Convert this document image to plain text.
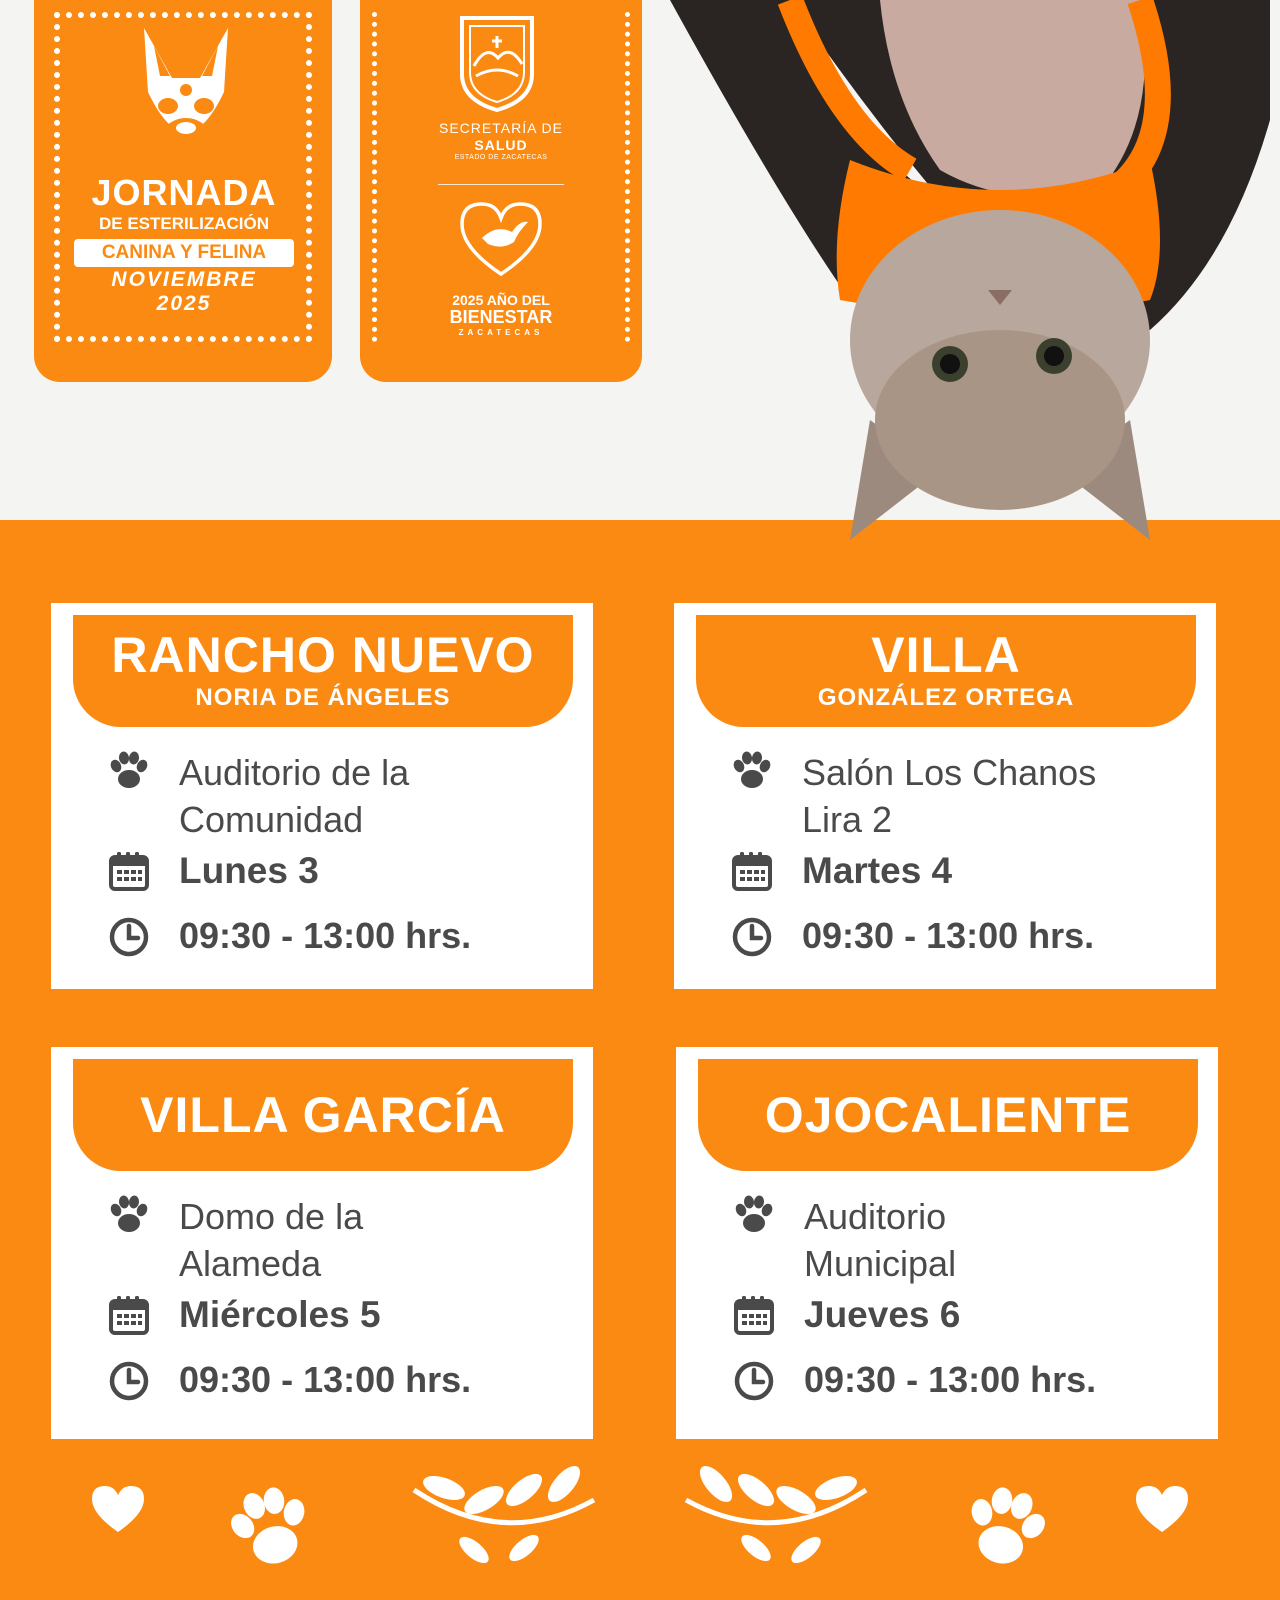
JORNADA
DE ESTERILIZACIÓN
CANINA Y FELINA
NOVIEMBRE
2025
SECRETARÍA DE
SALUD
ESTADO DE ZACATECAS
2025 AÑO DEL
BIENESTAR
ZACATECAS
RANCHO NUEVO
NORIA DE ÁNGELES
Auditorio de la
Comunidad
Lunes 3
09:30 - 13:00 hrs.
VILLA
GONZÁLEZ ORTEGA
Salón Los Chanos
Lira 2
Martes 4
09:30 - 13:00 hrs.
VILLA GARCÍA
Domo de la
Alameda
Miércoles 5
09:30 - 13:00 hrs.
OJOCALIENTE
Auditorio
Municipal
Jueves 6
09:30 - 13:00 hrs.
